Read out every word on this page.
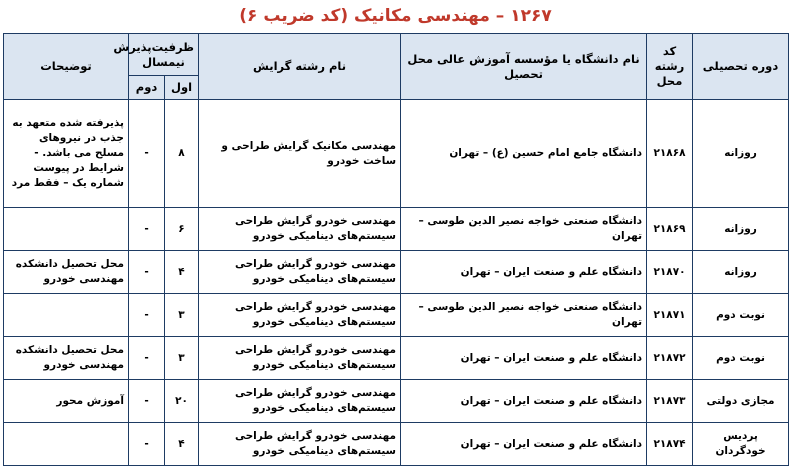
۱۲۶۷ – مهندسی مکانیک (کد ضریب ۶)
دوره تحصیلی	کد رشته محل	نام دانشگاه یا مؤسسه آموزش عالی محل تحصیل	نام رشته گرایش	ظرفیت‌پذیرش نیمسال		توضیحات
				اول	دوم	
روزانه	۲۱۸۶۸	دانشگاه جامع امام حسین (ع) – تهران	مهندسی مکانیک گرایش طراحی و ساخت خودرو	۸	-	پذیرفته شده متعهد به جذب در نیروهای مسلح می باشد. - شرایط در پیوست شماره یک – فقط مرد
روزانه	۲۱۸۶۹	دانشگاه صنعتی خواجه نصیر الدین طوسی – تهران	مهندسی خودرو گرایش طراحی سیستم‌های دینامیکی خودرو	۶	-	
روزانه	۲۱۸۷۰	دانشگاه علم و صنعت ایران – تهران	مهندسی خودرو گرایش طراحی سیستم‌های دینامیکی خودرو	۴	-	محل تحصیل دانشکده مهندسی خودرو
نوبت دوم	۲۱۸۷۱	دانشگاه صنعتی خواجه نصیر الدین طوسی – تهران	مهندسی خودرو گرایش طراحی سیستم‌های دینامیکی خودرو	۳	-	
نوبت دوم	۲۱۸۷۲	دانشگاه علم و صنعت ایران – تهران	مهندسی خودرو گرایش طراحی سیستم‌های دینامیکی خودرو	۳	-	محل تحصیل دانشکده مهندسی خودرو
مجازی دولتی	۲۱۸۷۳	دانشگاه علم و صنعت ایران – تهران	مهندسی خودرو گرایش طراحی سیستم‌های دینامیکی خودرو	۲۰	-	آموزش محور
پردیس خودگردان	۲۱۸۷۴	دانشگاه علم و صنعت ایران – تهران	مهندسی خودرو گرایش طراحی سیستم‌های دینامیکی خودرو	۴	-	
